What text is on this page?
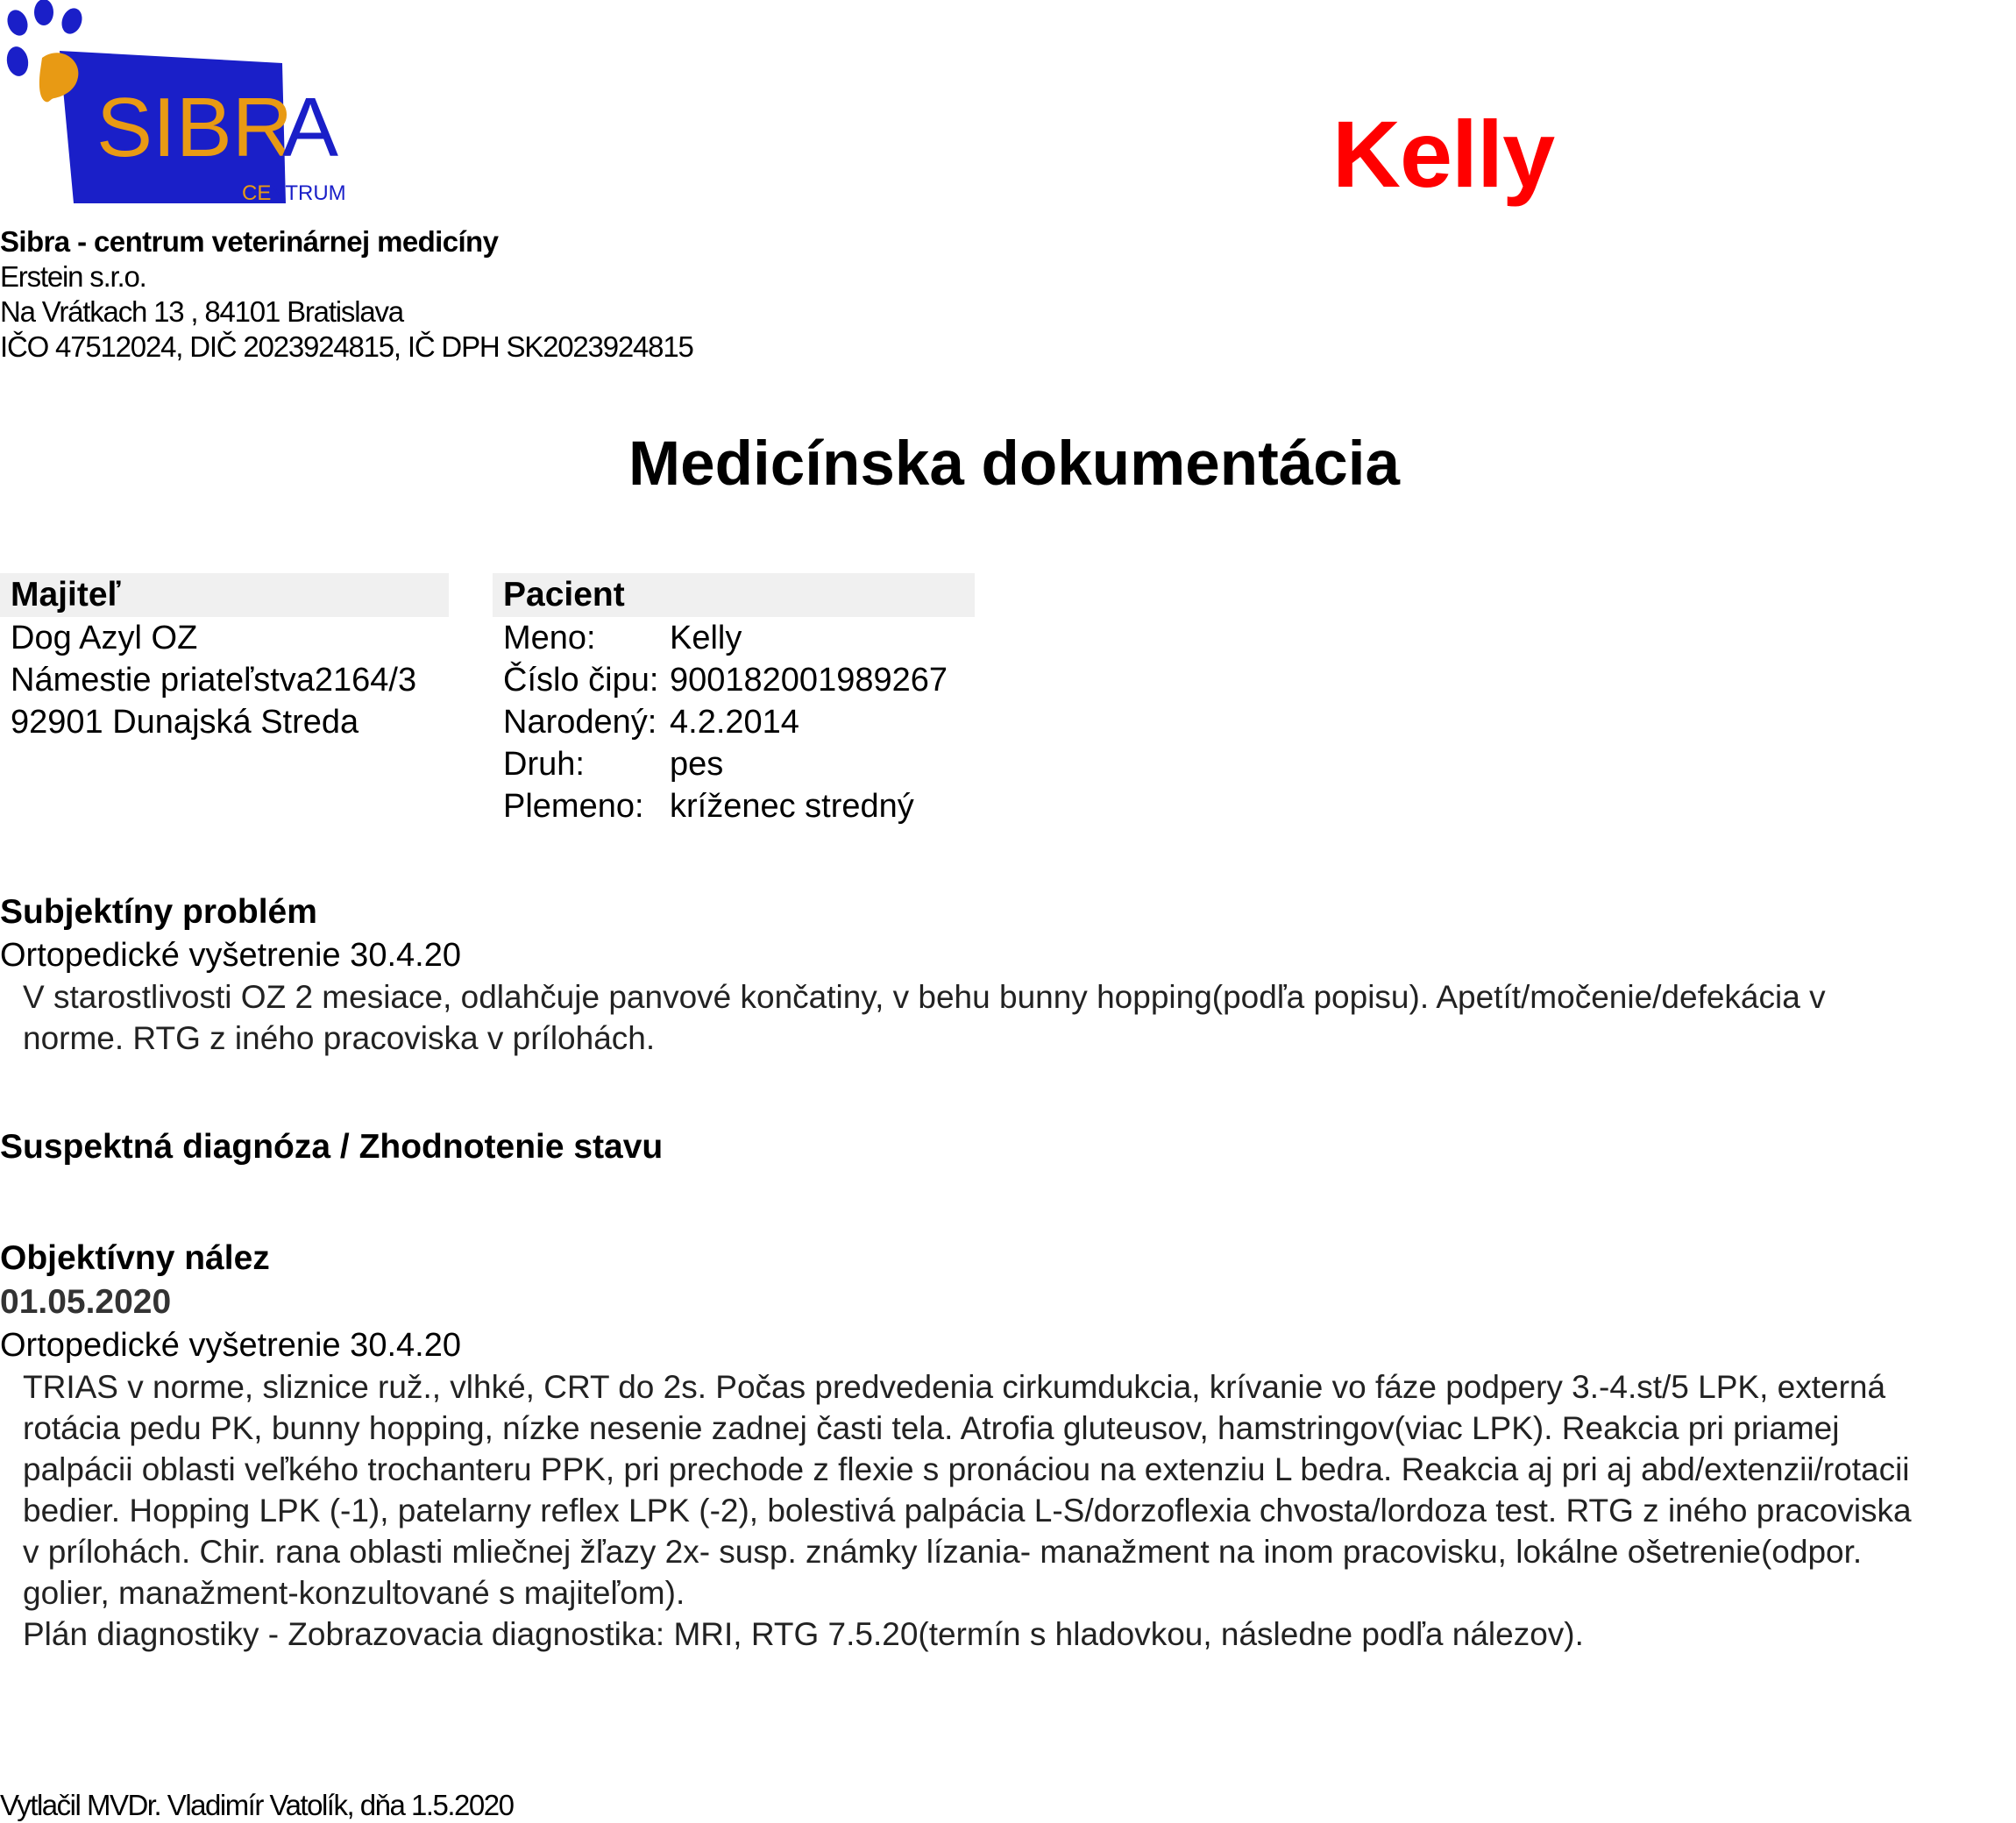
SIBR
A
CE
NTRUM	Kelly
Sibra - centrum veterinárnej medicíny
Erstein s.r.o.
Na Vrátkach 13 , 84101 Bratislava
IČO 47512024, DIČ 2023924815, IČ DPH SK2023924815
Medicínska dokumentácia
Majiteľ
Dog Azyl OZ
Námestie priateľstva2164/3
92901 Dunajská Streda
Pacient
Meno:	Kelly
Číslo čipu:	900182001989267
Narodený:	4.2.2014
Druh:	pes
Plemeno:	kríženec stredný
Subjektíny problém
Ortopedické vyšetrenie 30.4.20
V starostlivosti OZ 2 mesiace, odlahčuje panvové končatiny, v behu bunny hopping(podľa popisu). Apetít/močenie/defekácia v
norme. RTG z iného pracoviska v prílohách.
Suspektná diagnóza / Zhodnotenie stavu
Objektívny nález
01.05.2020
Ortopedické vyšetrenie 30.4.20
TRIAS v norme, sliznice ruž., vlhké, CRT do 2s. Počas predvedenia cirkumdukcia, krívanie vo fáze podpery 3.-4.st/5 LPK, externá
rotácia pedu PK, bunny hopping, nízke nesenie zadnej časti tela. Atrofia gluteusov, hamstringov(viac LPK). Reakcia pri priamej
palpácii oblasti veľkého trochanteru PPK, pri prechode z flexie s pronáciou na extenziu L bedra. Reakcia aj pri aj abd/extenzii/rotacii
bedier. Hopping LPK (-1), patelarny reflex LPK (-2), bolestivá palpácia L-S/dorzoflexia chvosta/lordoza test. RTG z iného pracoviska
v prílohách. Chir. rana oblasti mliečnej žľazy 2x- susp. známky lízania- manažment na inom pracovisku, lokálne ošetrenie(odpor.
golier, manažment-konzultované s majiteľom).
Plán diagnostiky - Zobrazovacia diagnostika: MRI, RTG 7.5.20(termín s hladovkou, následne podľa nálezov).
Vytlačil MVDr. Vladimír Vatolík, dňa 1.5.2020
